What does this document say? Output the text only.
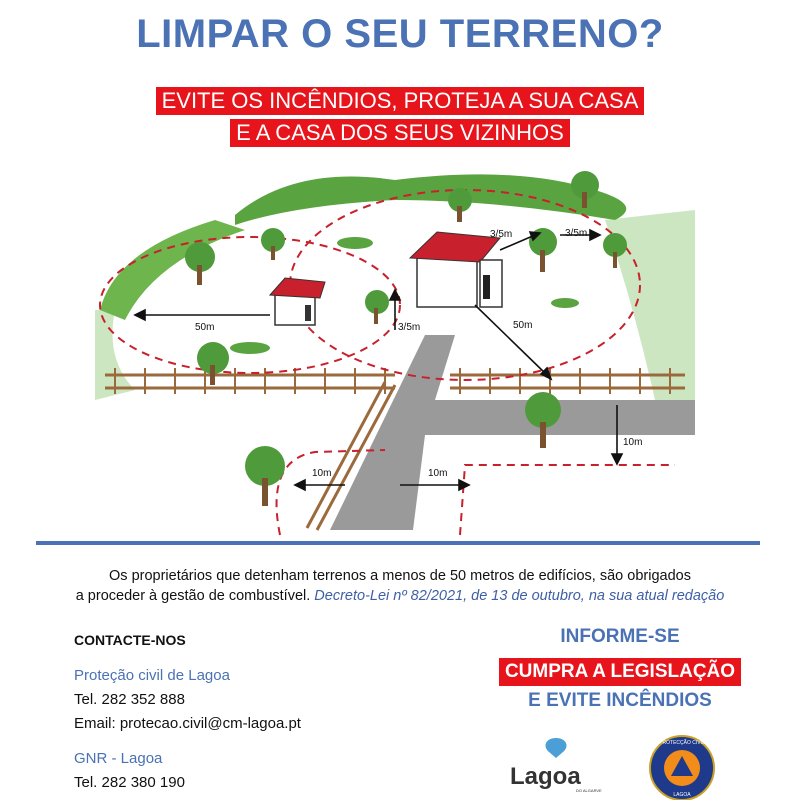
LIMPAR O SEU TERRENO?
EVITE OS INCÊNDIOS, PROTEJA A SUA CASA
E A CASA DOS SEUS VIZINHOS
50m	3/5m
3/5m	3/5m
50m
10m
10m	10m
Os proprietários que detenham terrenos a menos de 50 metros de edifícios, são obrigados
a proceder à gestão de combustível. Decreto-Lei nº 82/2021, de 13 de outubro, na sua atual redação
CONTACTE-NOS
Proteção civil de Lagoa
Tel. 282 352 888
Email: protecao.civil@cm-lagoa.pt
GNR - Lagoa
Tel. 282 380 190
INFORME-SE
CUMPRA A LEGISLAÇÃO
E EVITE INCÊNDIOS
Lagoa
DO ALGARVE
PROTECÇÃO CIVIL
LAGOA
